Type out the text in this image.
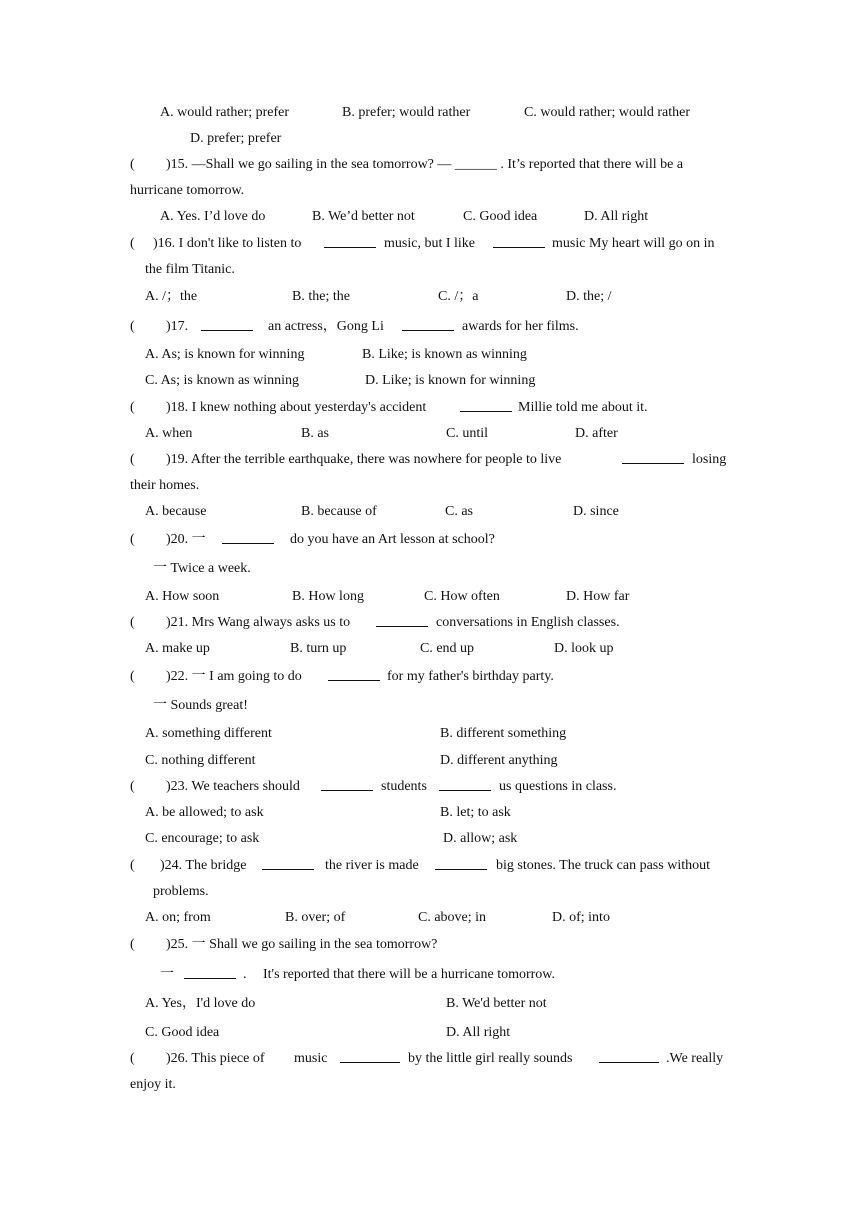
A. would rather; prefer	B. prefer; would rather	C. would rather; would rather
D. prefer; prefer
( )15. —Shall we go sailing in the sea tomorrow? — ______ . It’s reported that there will be a
hurricane tomorrow.
A. Yes. I’d love do	B. We’d better not	C. Good idea	D. All right
( )16. I don't like to listen to	music, but I like	music My heart will go on in
the film Titanic.
A. /；the	B. the; the	C. /；a	D. the; /
( )17.	an actress，Gong Li	awards for her films.
A. As; is known for winning	B. Like; is known as winning
C. As; is known as winning	D. Like; is known for winning
( )18. I knew nothing about yesterday's accident	Millie told me about it.
A. when	B. as	C. until	D. after
( )19. After the terrible earthquake, there was nowhere for people to live	losing
their homes.
A. because	B. because of	C. as	D. since
( )20. 一	do you have an Art lesson at school?
一 Twice a week.
A. How soon	B. How long	C. How often	D. How far
( )21. Mrs Wang always asks us to	conversations in English classes.
A. make up	B. turn up	C. end up	D. look up
( )22. 一 I am going to do	for my father's birthday party.
一 Sounds great!
A. something different	B. different something
C. nothing different	D. different anything
( )23. We teachers should	students	us questions in class.
A. be allowed; to ask	B. let; to ask
C. encourage; to ask	D. allow; ask
( )24. The bridge	the river is made	big stones. The truck can pass without
problems.
A. on; from	B. over; of	C. above; in	D. of; into
( )25. 一 Shall we go sailing in the sea tomorrow?
一	. It's reported that there will be a hurricane tomorrow.
A. Yes，I'd love do	B. We'd better not
C. Good idea	D. All right
( )26. This piece of music	by the little girl really sounds	.We really
enjoy it.
